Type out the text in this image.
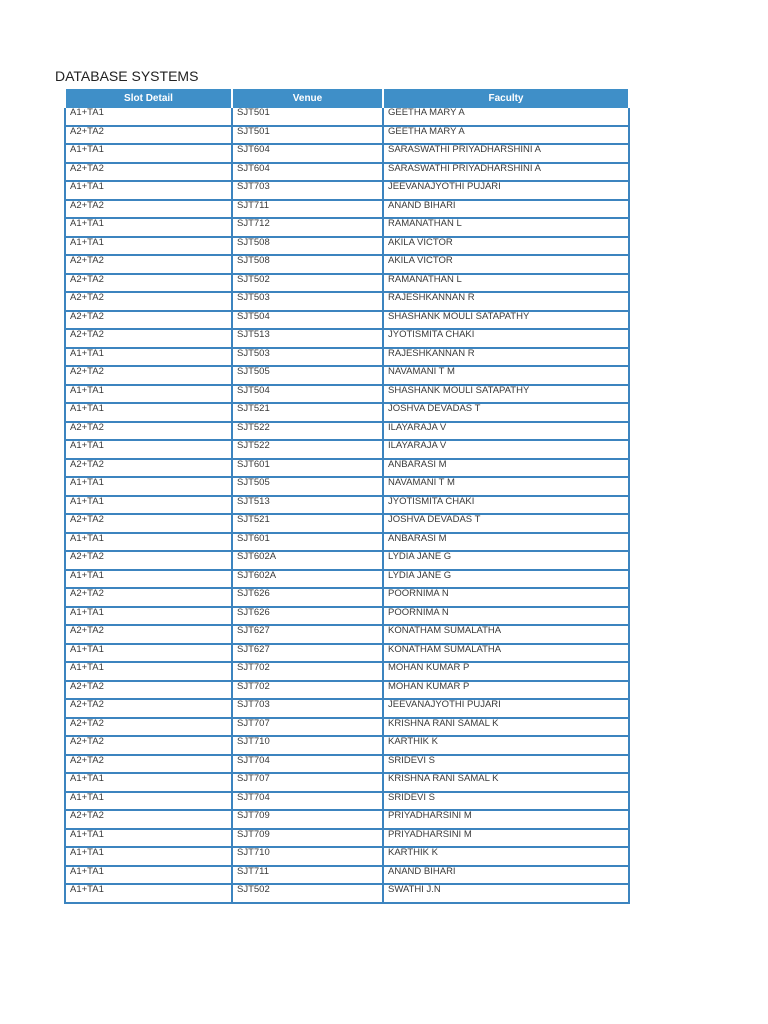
DATABASE SYSTEMS
Slot Detail	Venue	Faculty
A1+TA1	SJT501	GEETHA MARY A
A2+TA2	SJT501	GEETHA MARY A
A1+TA1	SJT604	SARASWATHI PRIYADHARSHINI A
A2+TA2	SJT604	SARASWATHI PRIYADHARSHINI A
A1+TA1	SJT703	JEEVANAJYOTHI PUJARI
A2+TA2	SJT711	ANAND BIHARI
A1+TA1	SJT712	RAMANATHAN L
A1+TA1	SJT508	AKILA VICTOR
A2+TA2	SJT508	AKILA VICTOR
A2+TA2	SJT502	RAMANATHAN L
A2+TA2	SJT503	RAJESHKANNAN R
A2+TA2	SJT504	SHASHANK MOULI SATAPATHY
A2+TA2	SJT513	JYOTISMITA CHAKI
A1+TA1	SJT503	RAJESHKANNAN R
A2+TA2	SJT505	NAVAMANI T M
A1+TA1	SJT504	SHASHANK MOULI SATAPATHY
A1+TA1	SJT521	JOSHVA DEVADAS T
A2+TA2	SJT522	ILAYARAJA V
A1+TA1	SJT522	ILAYARAJA V
A2+TA2	SJT601	ANBARASI M
A1+TA1	SJT505	NAVAMANI T M
A1+TA1	SJT513	JYOTISMITA CHAKI
A2+TA2	SJT521	JOSHVA DEVADAS T
A1+TA1	SJT601	ANBARASI M
A2+TA2	SJT602A	LYDIA JANE G
A1+TA1	SJT602A	LYDIA JANE G
A2+TA2	SJT626	POORNIMA N
A1+TA1	SJT626	POORNIMA N
A2+TA2	SJT627	KONATHAM SUMALATHA
A1+TA1	SJT627	KONATHAM SUMALATHA
A1+TA1	SJT702	MOHAN KUMAR P
A2+TA2	SJT702	MOHAN KUMAR P
A2+TA2	SJT703	JEEVANAJYOTHI PUJARI
A2+TA2	SJT707	KRISHNA RANI SAMAL K
A2+TA2	SJT710	KARTHIK K
A2+TA2	SJT704	SRIDEVI S
A1+TA1	SJT707	KRISHNA RANI SAMAL K
A1+TA1	SJT704	SRIDEVI S
A2+TA2	SJT709	PRIYADHARSINI M
A1+TA1	SJT709	PRIYADHARSINI M
A1+TA1	SJT710	KARTHIK K
A1+TA1	SJT711	ANAND BIHARI
A1+TA1	SJT502	SWATHI J.N
